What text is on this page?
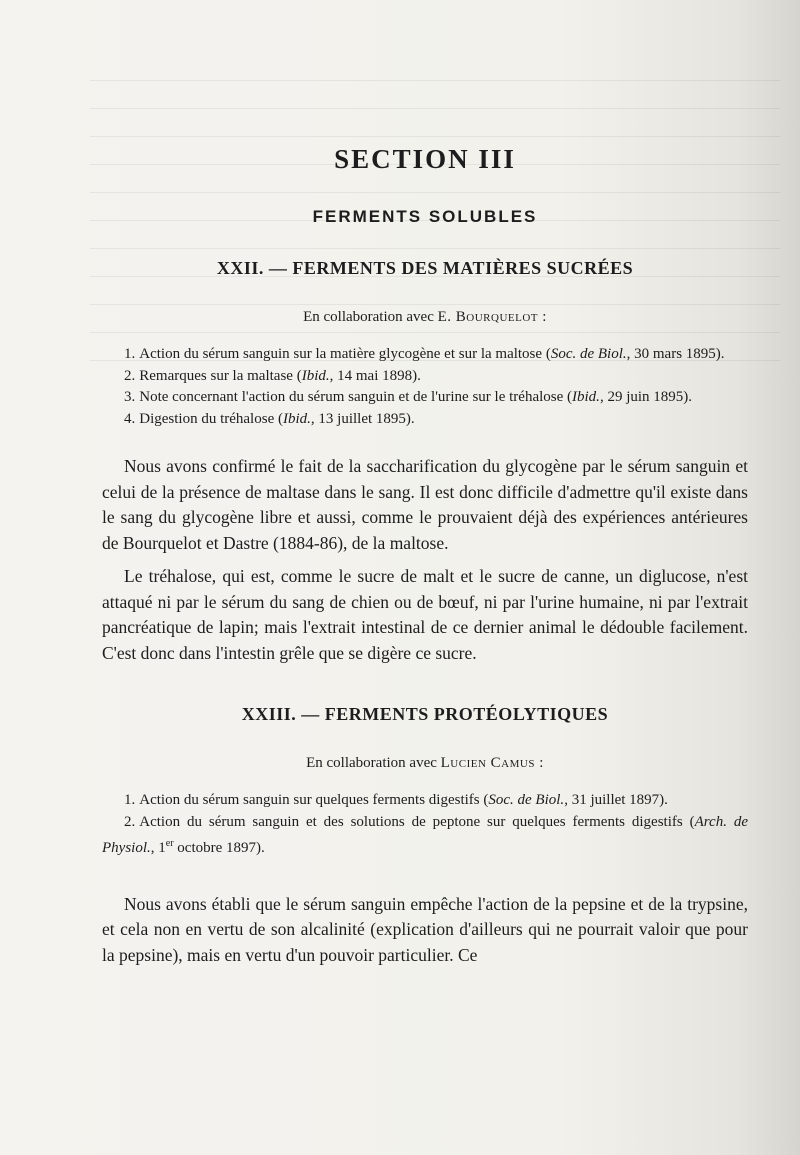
SECTION III
FERMENTS SOLUBLES
XXII. — FERMENTS DES MATIÈRES SUCRÉES
En collaboration avec E. Bourquelot :
1. Action du sérum sanguin sur la matière glycogène et sur la maltose (Soc. de Biol., 30 mars 1895).
2. Remarques sur la maltase (Ibid., 14 mai 1898).
3. Note concernant l'action du sérum sanguin et de l'urine sur le tréhalose (Ibid., 29 juin 1895).
4. Digestion du tréhalose (Ibid., 13 juillet 1895).

Nous avons confirmé le fait de la saccharification du glycogène par le sérum sanguin et celui de la présence de maltase dans le sang. Il est donc difficile d'admettre qu'il existe dans le sang du glycogène libre et aussi, comme le prouvaient déjà des expériences antérieures de Bourquelot et Dastre (1884-86), de la maltose.

Le tréhalose, qui est, comme le sucre de malt et le sucre de canne, un diglucose, n'est attaqué ni par le sérum du sang de chien ou de bœuf, ni par l'urine humaine, ni par l'extrait pancréatique de lapin; mais l'extrait intestinal de ce dernier animal le dédouble facilement. C'est donc dans l'intestin grêle que se digère ce sucre.

XXIII. — FERMENTS PROTÉOLYTIQUES
En collaboration avec Lucien Camus :
1. Action du sérum sanguin sur quelques ferments digestifs (Soc. de Biol., 31 juillet 1897).
2. Action du sérum sanguin et des solutions de peptone sur quelques ferments digestifs (Arch. de Physiol., 1er octobre 1897).

Nous avons établi que le sérum sanguin empêche l'action de la pepsine et de la trypsine, et cela non en vertu de son alcalinité (explication d'ailleurs qui ne pourrait valoir que pour la pepsine), mais en vertu d'un pouvoir particulier. Ce
